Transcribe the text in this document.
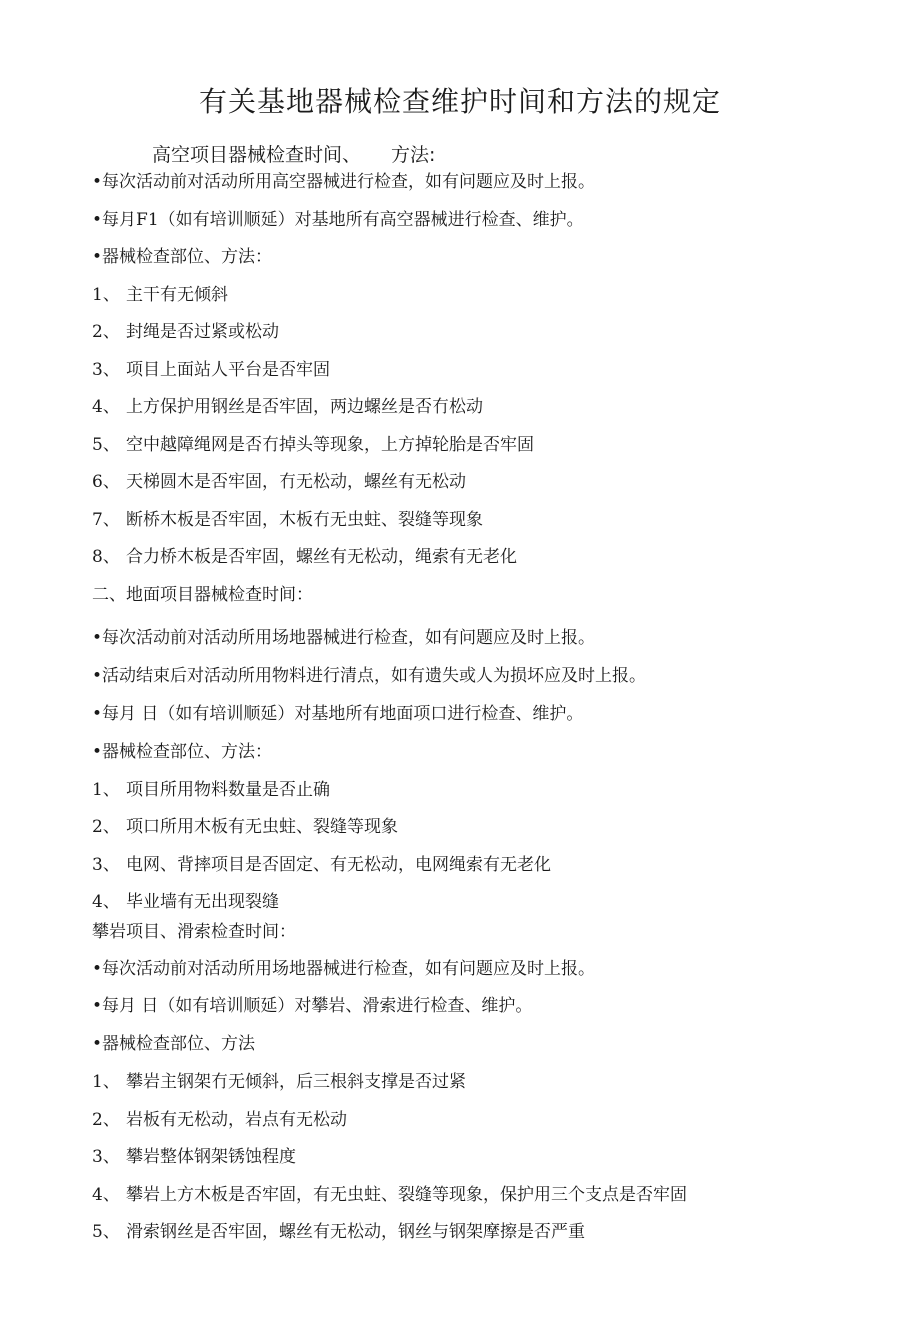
有关基地器械检查维护时间和方法的规定
高空项目器械检查时间、 方法:
•每次活动前对活动所用高空器械进行检查，如有问题应及时上报。
•每月F1（如有培训顺延）对基地所有高空器械进行检查、维护。
•器械检查部位、方法：
1、 主干有无倾斜
2、 封绳是否过紧或松动
3、 项目上面站人平台是否牢固
4、 上方保护用钢丝是否牢固，两边螺丝是否冇松动
5、 空中越障绳网是否冇掉头等现象，上方掉轮胎是否牢固
6、 天梯圆木是否牢固，冇无松动，螺丝有无松动
7、 断桥木板是否牢固，木板冇无虫蛀、裂缝等现象
8、 合力桥木板是否牢固，螺丝有无松动，绳索有无老化
二、地面项目器械检查时间：
•每次活动前对活动所用场地器械进行检查，如有问题应及时上报。
•活动结束后对活动所用物料进行清点，如有遗失或人为损坏应及时上报。
•每月 日（如有培训顺延）对基地所有地面项口进行检查、维护。
•器械检查部位、方法：
1、 项目所用物料数量是否止确
2、 项口所用木板有无虫蛀、裂缝等现象
3、 电网、背摔项目是否固定、有无松动，电网绳索有无老化
4、 毕业墙有无出现裂缝
攀岩项目、滑索检查时间：
•每次活动前对活动所用场地器械进行检查，如有问题应及时上报。
•每月 日（如有培训顺延）对攀岩、滑索进行检查、维护。
•器械检查部位、方法
1、 攀岩主钢架冇无倾斜，后三根斜支撑是否过紧
2、 岩板有无松动，岩点有无松动
3、 攀岩整体钢架锈蚀程度
4、 攀岩上方木板是否牢固，有无虫蛀、裂缝等现象，保护用三个支点是否牢固
5、 滑索钢丝是否牢固，螺丝有无松动，钢丝与钢架摩擦是否严重
